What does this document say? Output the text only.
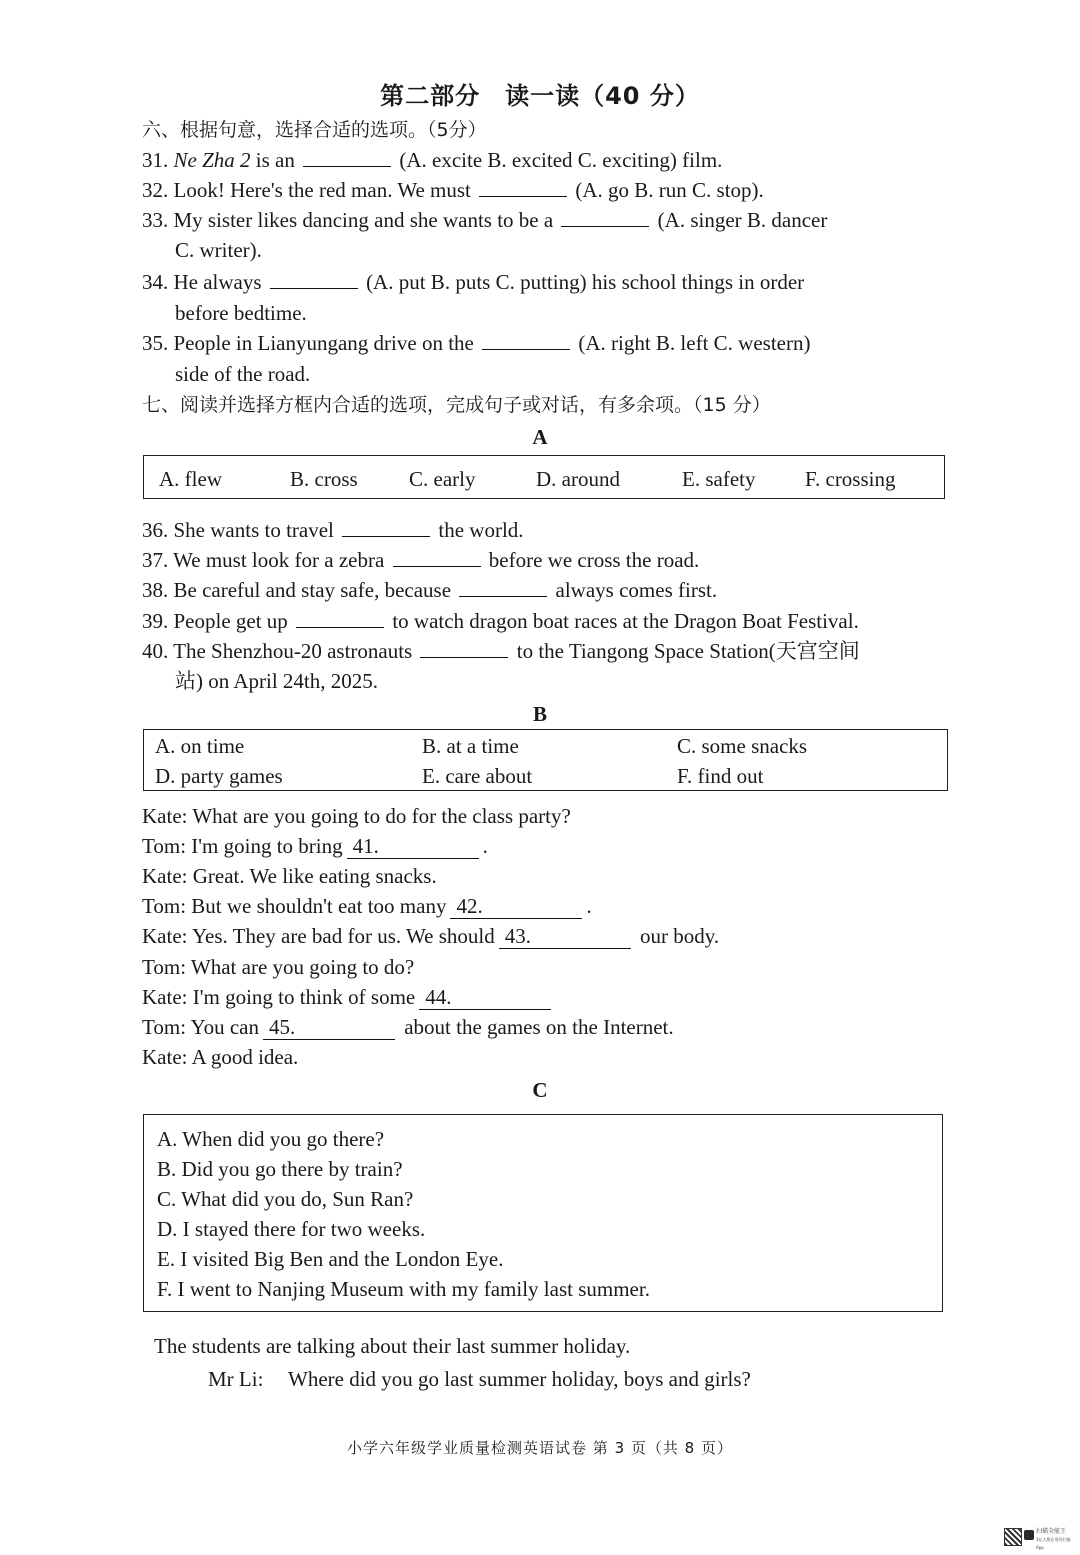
第二部分　读一读（40 分）
六、根据句意，选择合适的选项。（5分）
31. Ne Zha 2 is an	(A. excite B. excited C. exciting) film.
32. Look! Here's the red man. We must	(A. go B. run C. stop).
33. My sister likes dancing and she wants to be a	(A. singer B. dancer
C. writer).
34. He always	(A. put B. puts C. putting) his school things in order
before bedtime.
35. People in Lianyungang drive on the	(A. right B. left C. western)
side of the road.
七、阅读并选择方框内合适的选项，完成句子或对话，有多余项。（15 分）
A
A. flew	B. cross C. early	D. around	E. safety F. crossing
36. She wants to travel	the world.
37. We must look for a zebra	before we cross the road.
38. Be careful and stay safe, because	always comes first.
39. People get up	to watch dragon boat races at the Dragon Boat Festival.
40. The Shenzhou-20 astronauts	to the Tiangong Space Station(天宫空间
站) on April 24th, 2025.
B
A. on time	B. at a time	C. some snacks
D. party games	E. care about	F. find out
Kate: What are you going to do for the class party?
Tom: I'm going to bring 41.	.
Kate: Great. We like eating snacks.
Tom: But we shouldn't eat too many 42.	.
Kate: Yes. They are bad for us. We should 43.	our body.
Tom: What are you going to do?
Kate: I'm going to think of some 44.
Tom: You can 45.	about the games on the Internet.
Kate: A good idea.
C
A. When did you go there?
B. Did you go there by train?
C. What did you do, Sun Ran?
D. I stayed there for two weeks.
E. I visited Big Ben and the London Eye.
F. I went to Nanjing Museum with my family last summer.
The students are talking about their last summer holiday.
Mr Li: Where did you go last summer holiday, boys and girls?
小学六年级学业质量检测英语试卷 第 3 页（共 8 页）
扫描全能王
3亿人都在用的扫描App
